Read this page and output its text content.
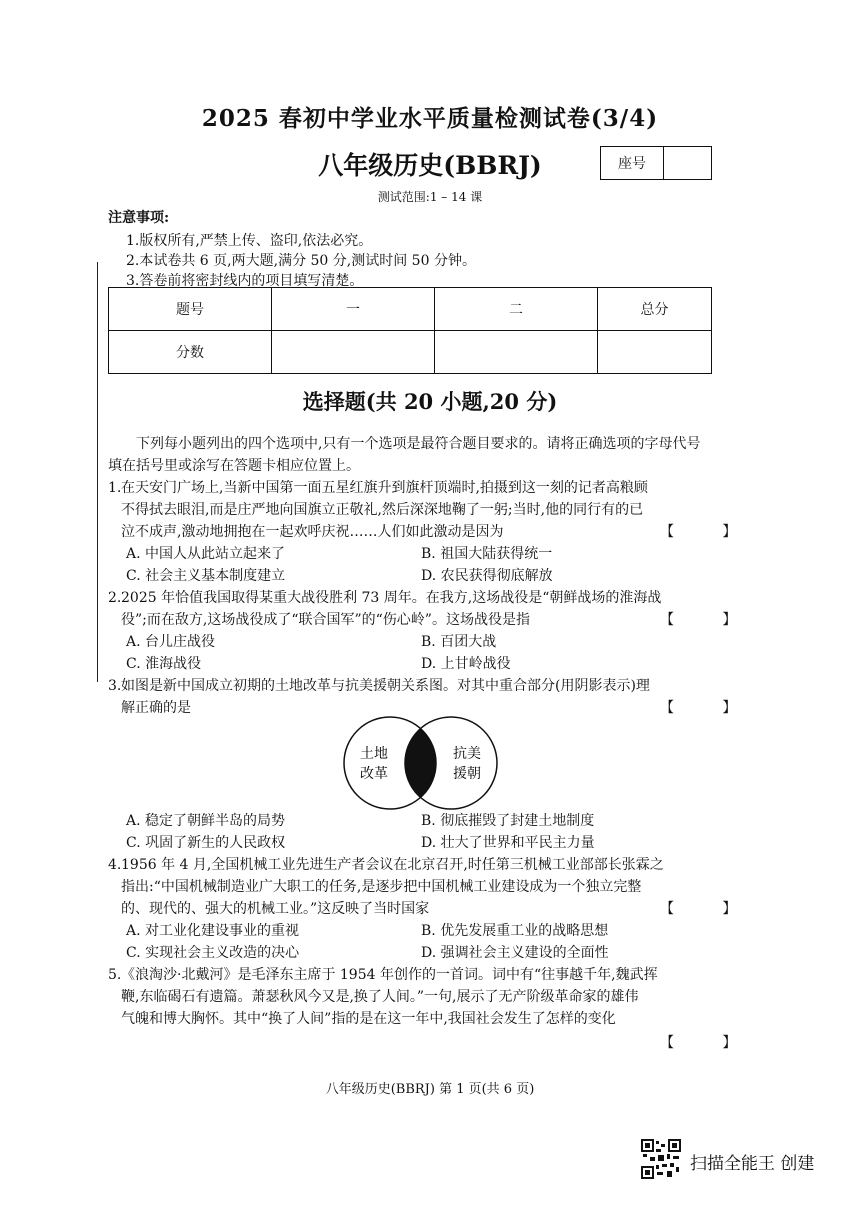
2025 春初中学业水平质量检测试卷(3/4)
八年级历史(BBRJ)	座号
测试范围:1 – 14 课
注意事项:
1.版权所有,严禁上传、盗印,依法必究。
2.本试卷共 6 页,两大题,满分 50 分,测试时间 50 分钟。
3.答卷前将密封线内的项目填写清楚。
题号	一	二	总分
分数			
选择题(共 20 小题,20 分)
下列每小题列出的四个选项中,只有一个选项是最符合题目要求的。请将正确选项的字母代号填在括号里或涂写在答题卡相应位置上。
1. 在天安门广场上,当新中国第一面五星红旗升到旗杆顶端时,拍摄到这一刻的记者高粮顾
不得拭去眼泪,而是庄严地向国旗立正敬礼,然后深深地鞠了一躬;当时,他的同行有的已
泣不成声,激动地拥抱在一起欢呼庆祝……人们如此激动是因为	【 】
A. 中国人从此站立起来了	B. 祖国大陆获得统一
C. 社会主义基本制度建立	D. 农民获得彻底解放
2. 2025 年恰值我国取得某重大战役胜利 73 周年。在我方,这场战役是“朝鲜战场的淮海战
役”;而在敌方,这场战役成了“联合国军”的“伤心岭”。这场战役是指	【 】
A. 台儿庄战役	B. 百团大战
C. 淮海战役	D. 上甘岭战役
3. 如图是新中国成立初期的土地改革与抗美援朝关系图。对其中重合部分(用阴影表示)理
解正确的是	【 】
土地
改革
抗美
援朝
A. 稳定了朝鲜半岛的局势	B. 彻底摧毁了封建土地制度
C. 巩固了新生的人民政权	D. 壮大了世界和平民主力量
4. 1956 年 4 月,全国机械工业先进生产者会议在北京召开,时任第三机械工业部部长张霖之
指出:“中国机械制造业广大职工的任务,是逐步把中国机械工业建设成为一个独立完整
的、现代的、强大的机械工业。”这反映了当时国家	【 】
A. 对工业化建设事业的重视	B. 优先发展重工业的战略思想
C. 实现社会主义改造的决心	D. 强调社会主义建设的全面性
5. 《浪淘沙·北戴河》是毛泽东主席于 1954 年创作的一首词。词中有“往事越千年,魏武挥
鞭,东临碣石有遗篇。萧瑟秋风今又是,换了人间。”一句,展示了无产阶级革命家的雄伟
气魄和博大胸怀。其中“换了人间”指的是在这一年中,我国社会发生了怎样的变化
【 】
八年级历史(BBRJ) 第 1 页(共 6 页)
扫描全能王 创建
